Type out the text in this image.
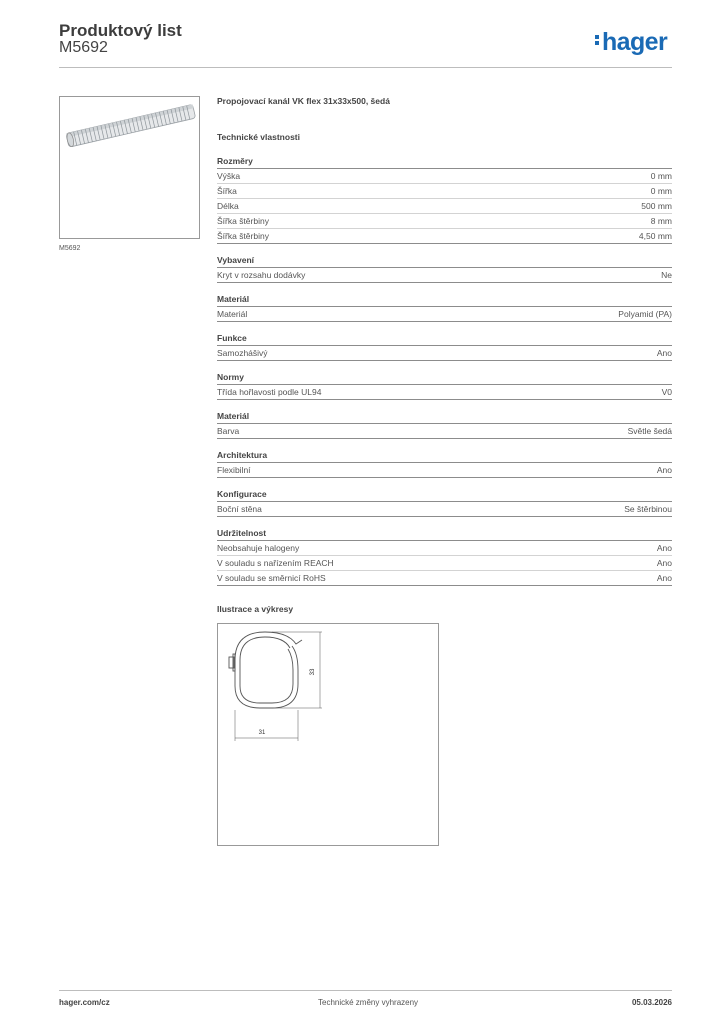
Produktový list
M5692	hager
M5692
Propojovací kanál VK flex 31x33x500, šedá
Technické vlastnosti
Rozměry
Výška	0 mm
Šířka	0 mm
Délka	500 mm
Šířka štěrbiny	8 mm
Šířka štěrbiny	4,50 mm
Vybavení
Kryt v rozsahu dodávky	Ne
Materiál
Materiál	Polyamid (PA)
Funkce
Samozhášivý	Ano
Normy
Třída hořlavosti podle UL94	V0
Materiál
Barva	Světle šedá
Architektura
Flexibilní	Ano
Konfigurace
Boční stěna	Se štěrbinou
Udržitelnost
Neobsahuje halogeny	Ano
V souladu s nařízením REACH	Ano
V souladu se směrnicí RoHS	Ano
Ilustrace a výkresy
33
31
hager.com/cz	Technické změny vyhrazeny	05.03.2026
